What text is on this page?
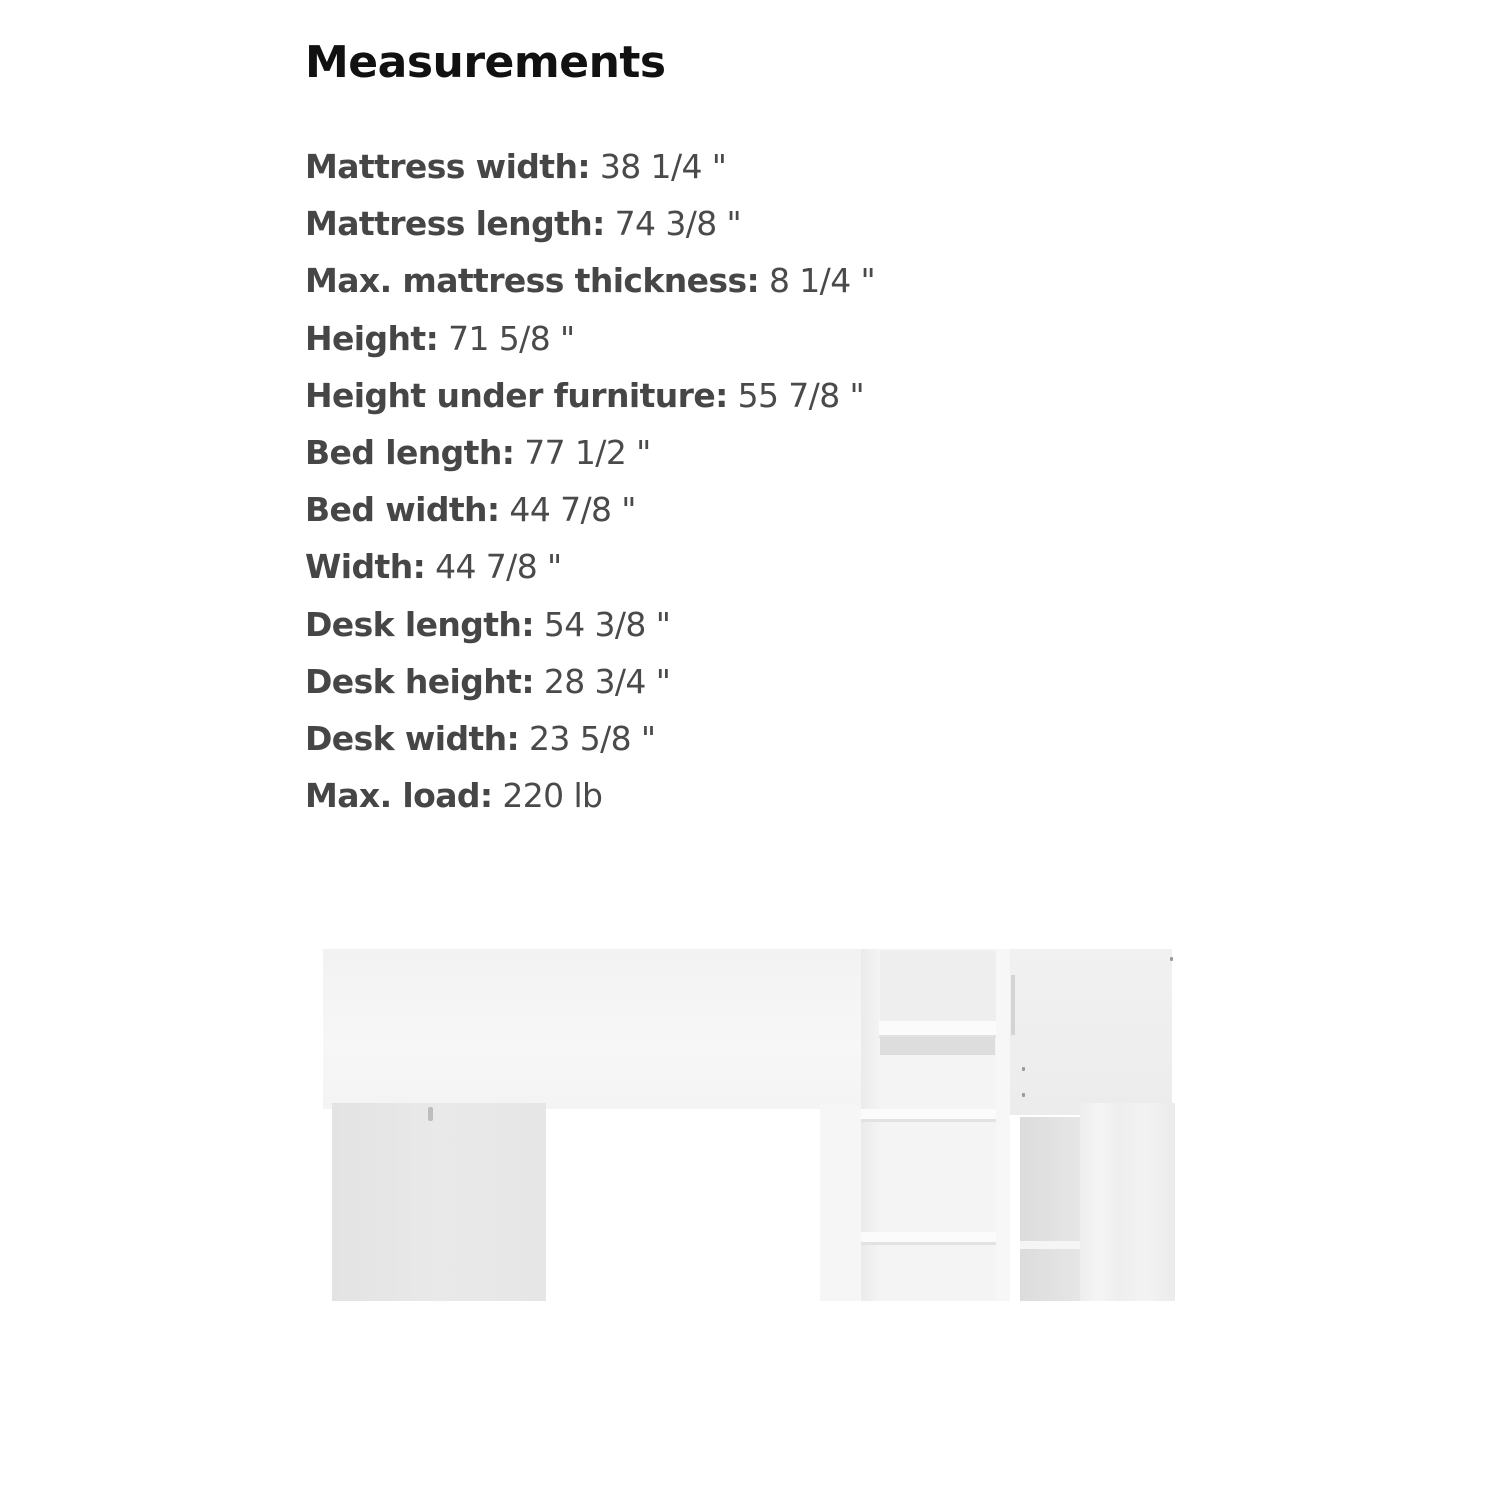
Measurements
Mattress width: 38 1/4 "
Mattress length: 74 3/8 "
Max. mattress thickness: 8 1/4 "
Height: 71 5/8 "
Height under furniture: 55 7/8 "
Bed length: 77 1/2 "
Bed width: 44 7/8 "
Width: 44 7/8 "
Desk length: 54 3/8 "
Desk height: 28 3/4 "
Desk width: 23 5/8 "
Max. load: 220 lb
